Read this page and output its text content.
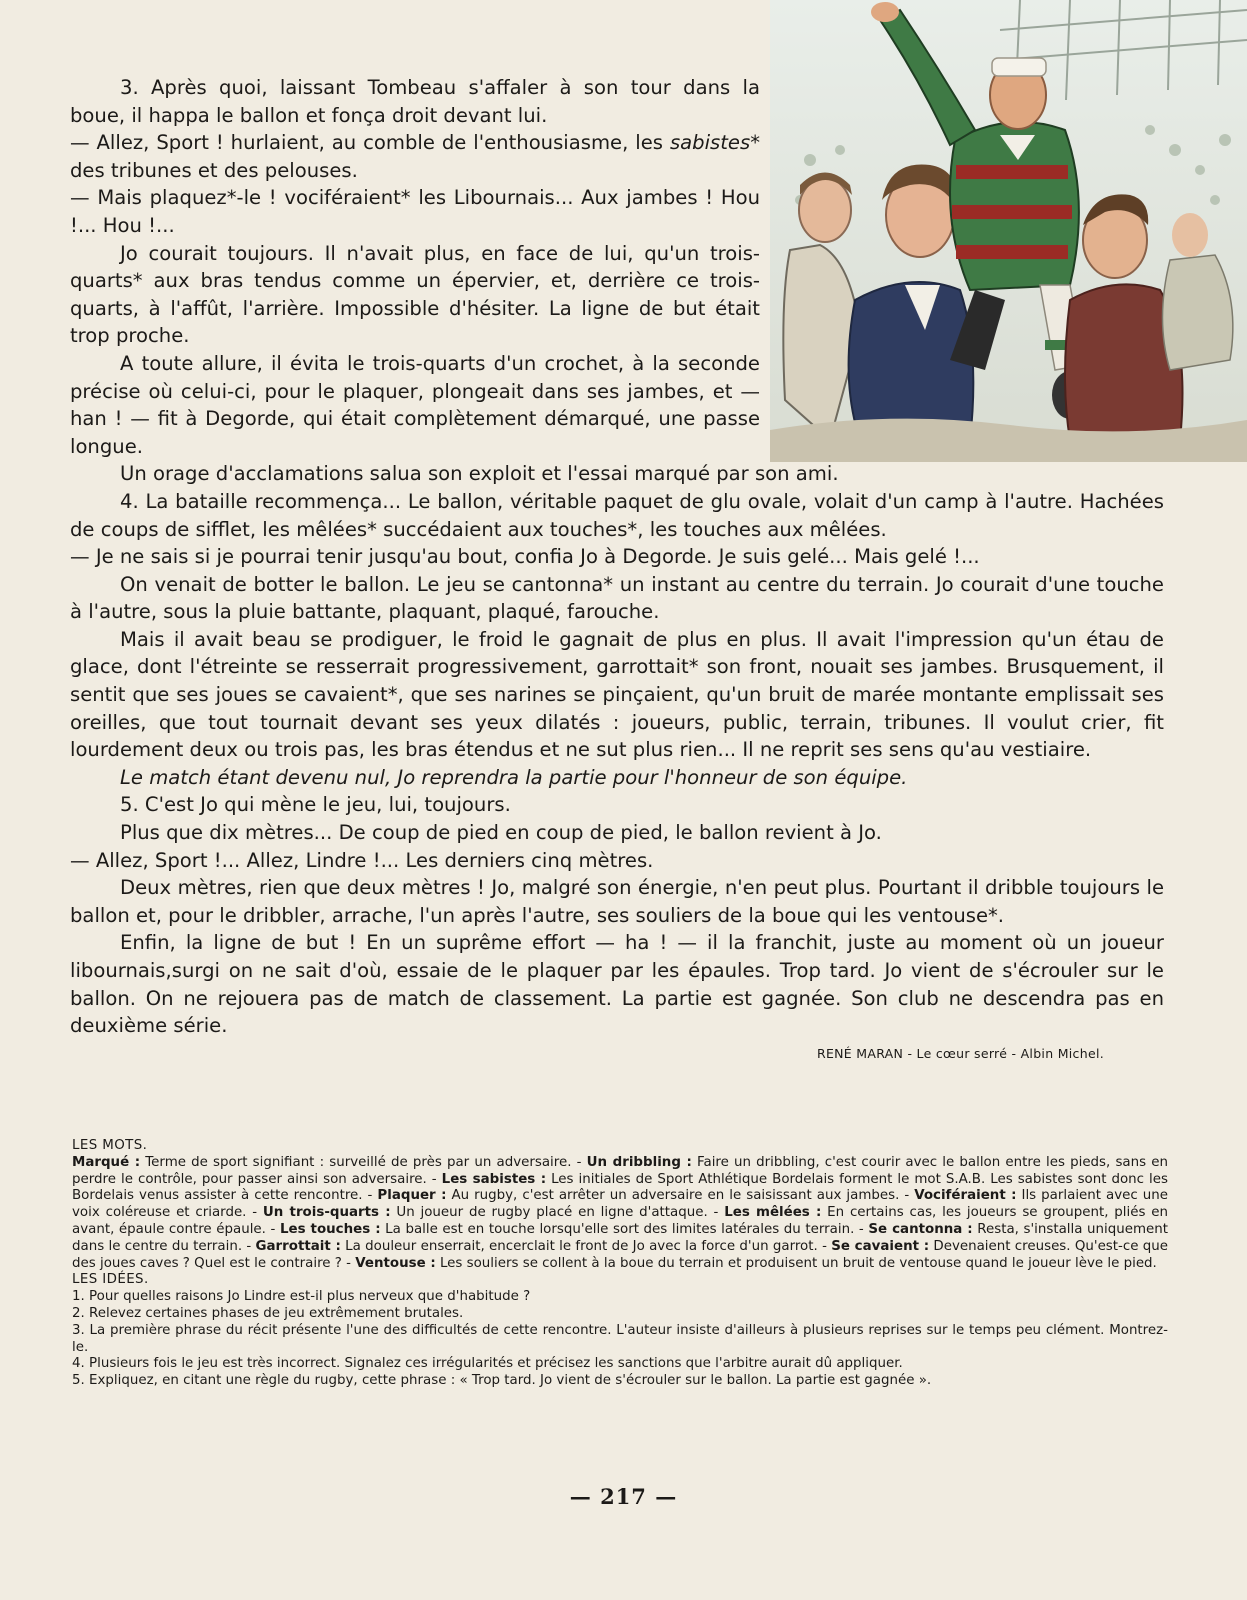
3. Après quoi, laissant Tombeau s'affaler à son tour dans la boue, il happa le ballon et fonça droit devant lui.

— Allez, Sport ! hurlaient, au comble de l'enthousiasme, les sabistes* des tribunes et des pelouses.

— Mais plaquez*-le ! vociféraient* les Libournais... Aux jambes ! Hou !... Hou !...

Jo courait toujours. Il n'avait plus, en face de lui, qu'un trois-quarts* aux bras tendus comme un épervier, et, derrière ce trois-quarts, à l'affût, l'arrière. Impossible d'hésiter. La ligne de but était trop proche.

A toute allure, il évita le trois-quarts d'un crochet, à la seconde précise où celui-ci, pour le plaquer, plongeait dans ses jambes, et — han ! — fit à Degorde, qui était complètement démarqué, une passe longue.

Un orage d'acclamations salua son exploit et l'essai marqué par son ami.

4. La bataille recommença... Le ballon, véritable paquet de glu ovale, volait d'un camp à l'autre. Hachées de coups de sifflet, les mêlées* succédaient aux touches*, les touches aux mêlées.

— Je ne sais si je pourrai tenir jusqu'au bout, confia Jo à Degorde. Je suis gelé... Mais gelé !...

On venait de botter le ballon. Le jeu se cantonna* un instant au centre du terrain. Jo courait d'une touche à l'autre, sous la pluie battante, plaquant, plaqué, farouche.

Mais il avait beau se prodiguer, le froid le gagnait de plus en plus. Il avait l'impression qu'un étau de glace, dont l'étreinte se resserrait progressivement, garrottait* son front, nouait ses jambes. Brusquement, il sentit que ses joues se cavaient*, que ses narines se pinçaient, qu'un bruit de marée montante emplissait ses oreilles, que tout tournait devant ses yeux dilatés : joueurs, public, terrain, tribunes. Il voulut crier, fit lourdement deux ou trois pas, les bras étendus et ne sut plus rien... Il ne reprit ses sens qu'au vestiaire.

Le match étant devenu nul, Jo reprendra la partie pour l'honneur de son équipe.

5. C'est Jo qui mène le jeu, lui, toujours.

Plus que dix mètres... De coup de pied en coup de pied, le ballon revient à Jo.

— Allez, Sport !... Allez, Lindre !... Les derniers cinq mètres.

Deux mètres, rien que deux mètres ! Jo, malgré son énergie, n'en peut plus. Pourtant il dribble toujours le ballon et, pour le dribbler, arrache, l'un après l'autre, ses souliers de la boue qui les ventouse*.

Enfin, la ligne de but ! En un suprême effort — ha ! — il la franchit, juste au moment où un joueur libournais,surgi on ne sait d'où, essaie de le plaquer par les épaules. Trop tard. Jo vient de s'écrouler sur le ballon. On ne rejouera pas de match de classement. La partie est gagnée. Son club ne descendra pas en deuxième série.

RENÉ MARAN - Le cœur serré - Albin Michel.
LES MOTS.

Marqué : Terme de sport signifiant : surveillé de près par un adversaire. - Un dribbling : Faire un dribbling, c'est courir avec le ballon entre les pieds, sans en perdre le contrôle, pour passer ainsi son adversaire. - Les sabistes : Les initiales de Sport Athlétique Bordelais forment le mot S.A.B. Les sabistes sont donc les Bordelais venus assister à cette rencontre. - Plaquer : Au rugby, c'est arrêter un adversaire en le saisissant aux jambes. - Vociféraient : Ils parlaient avec une voix coléreuse et criarde. - Un trois-quarts : Un joueur de rugby placé en ligne d'attaque. - Les mêlées : En certains cas, les joueurs se groupent, pliés en avant, épaule contre épaule. - Les touches : La balle est en touche lorsqu'elle sort des limites latérales du terrain. - Se cantonna : Resta, s'installa uniquement dans le centre du terrain. - Garrottait : La douleur enserrait, encerclait le front de Jo avec la force d'un garrot. - Se cavaient : Devenaient creuses. Qu'est-ce que des joues caves ? Quel est le contraire ? - Ventouse : Les souliers se collent à la boue du terrain et produisent un bruit de ventouse quand le joueur lève le pied.

LES IDÉES.

1. Pour quelles raisons Jo Lindre est-il plus nerveux que d'habitude ?

2. Relevez certaines phases de jeu extrêmement brutales.

3. La première phrase du récit présente l'une des difficultés de cette rencontre. L'auteur insiste d'ailleurs à plusieurs reprises sur le temps peu clément. Montrez-le.

4. Plusieurs fois le jeu est très incorrect. Signalez ces irrégularités et précisez les sanctions que l'arbitre aurait dû appliquer.

5. Expliquez, en citant une règle du rugby, cette phrase : « Trop tard. Jo vient de s'écrouler sur le ballon. La partie est gagnée ».

— 217 —
